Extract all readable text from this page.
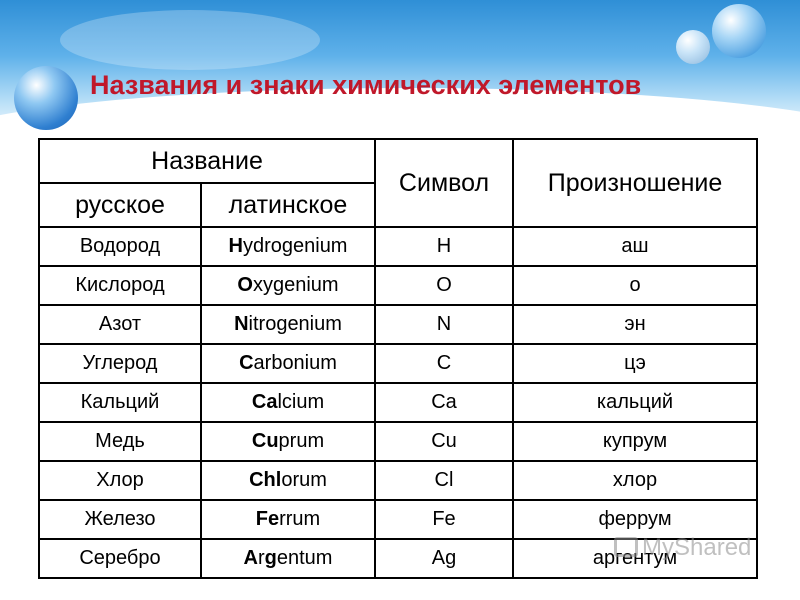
Названия и знаки химических элементов
Название		Символ	Произношение
русское	латинское		
Водород	Hydrogenium	H	аш
Кислород	Oxygenium	O	о
Азот	Nitrogenium	N	эн
Углерод	Carbonium	C	цэ
Кальций	Calcium	Ca	кальций
Медь	Cuprum	Cu	купрум
Хлор	Chlorum	Cl	хлор
Железо	Ferrum	Fe	феррум
Серебро	Argentum	Ag	аргентум
MyShared
